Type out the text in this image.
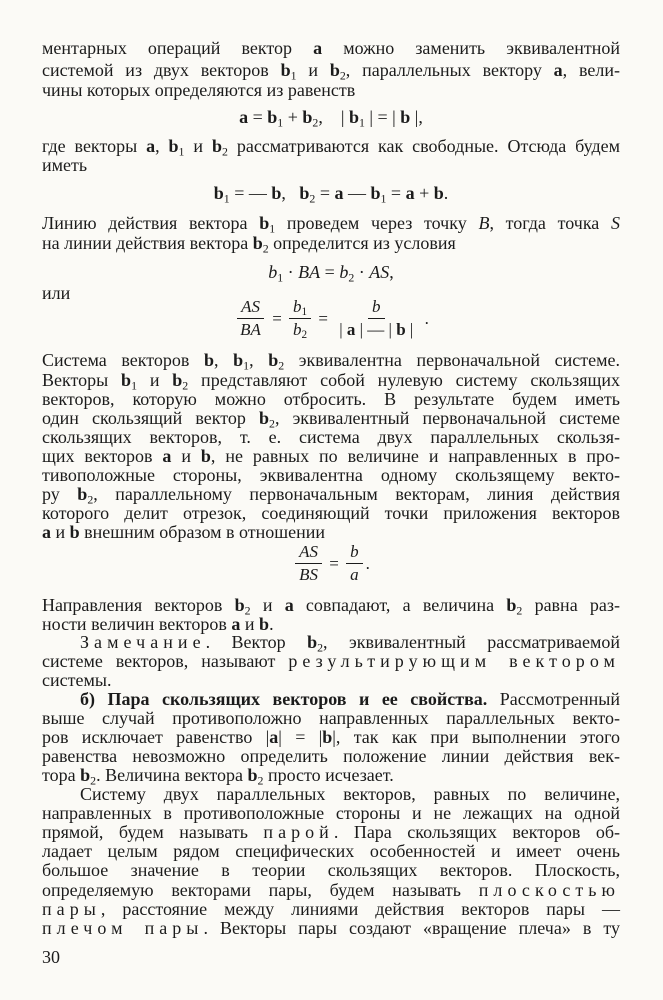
30
ментарных операций вектор a можно заменить эквивалентной
системой из двух векторов $b_1$ и $b_2$, параллельных вектору a, вели-
чины которых определяются из равенств
$a = b_1 + b_2$,    | $b_1$ | = | b |,
где векторы a, $b_1$ и $b_2$ рассматриваются как свободные. Отсюда будем
иметь
$b_1$ = — b,   $b_2 = a$ — $b_1 = a + b$.
Линию действия вектора $b_1$ проведем через точку B, тогда точка S
на линии действия вектора $b_2$ определится из условия
$b_1$ · BA = $b_2$ · AS,
или
$\frac{AS}{BA} = \frac{b_1}{b_2} = \frac{b}{| a | — | b |}$ .
Система векторов b, $b_1$, $b_2$ эквивалентна первоначальной системе.
Векторы $b_1$ и $b_2$ представляют собой нулевую систему скользящих
векторов, которую можно отбросить. В результате будем иметь
один скользящий вектор $b_2$, эквивалентный первоначальной системе
скользящих векторов, т. е. система двух параллельных скользя-
щих векторов a и b, не равных по величине и направленных в про-
тивоположные стороны, эквивалентна одному скользящему векто-
ру $b_2$, параллельному первоначальным векторам, линия действия
которого делит отрезок, соединяющий точки приложения векторов
a и b внешним образом в отношении
$\frac{AS}{BS} = \frac{b}{a}$ .
Направления векторов $b_2$ и a совпадают, а величина $b_2$ равна раз-
ности величин векторов a и b.
Замечание. Вектор $b_2$, эквивалентный рассматриваемой
системе векторов, называют результирующим вектором
системы.
б) Пара скользящих векторов и ее свойства. Рассмотренный
выше случай противоположно направленных параллельных векто-
ров исключает равенство |a| = |b|, так как при выполнении этого
равенства невозможно определить положение линии действия век-
тора $b_2$. Величина вектора $b_2$ просто исчезает.
Систему двух параллельных векторов, равных по величине,
направленных в противоположные стороны и не лежащих на одной
прямой, будем называть парой. Пара скользящих векторов об-
ладает целым рядом специфических особенностей и имеет очень
большое значение в теории скользящих векторов. Плоскость,
определяемую векторами пары, будем называть плоскостью
пары, расстояние между линиями действия векторов пары —
плечом пары. Векторы пары создают «вращение плеча» в ту
